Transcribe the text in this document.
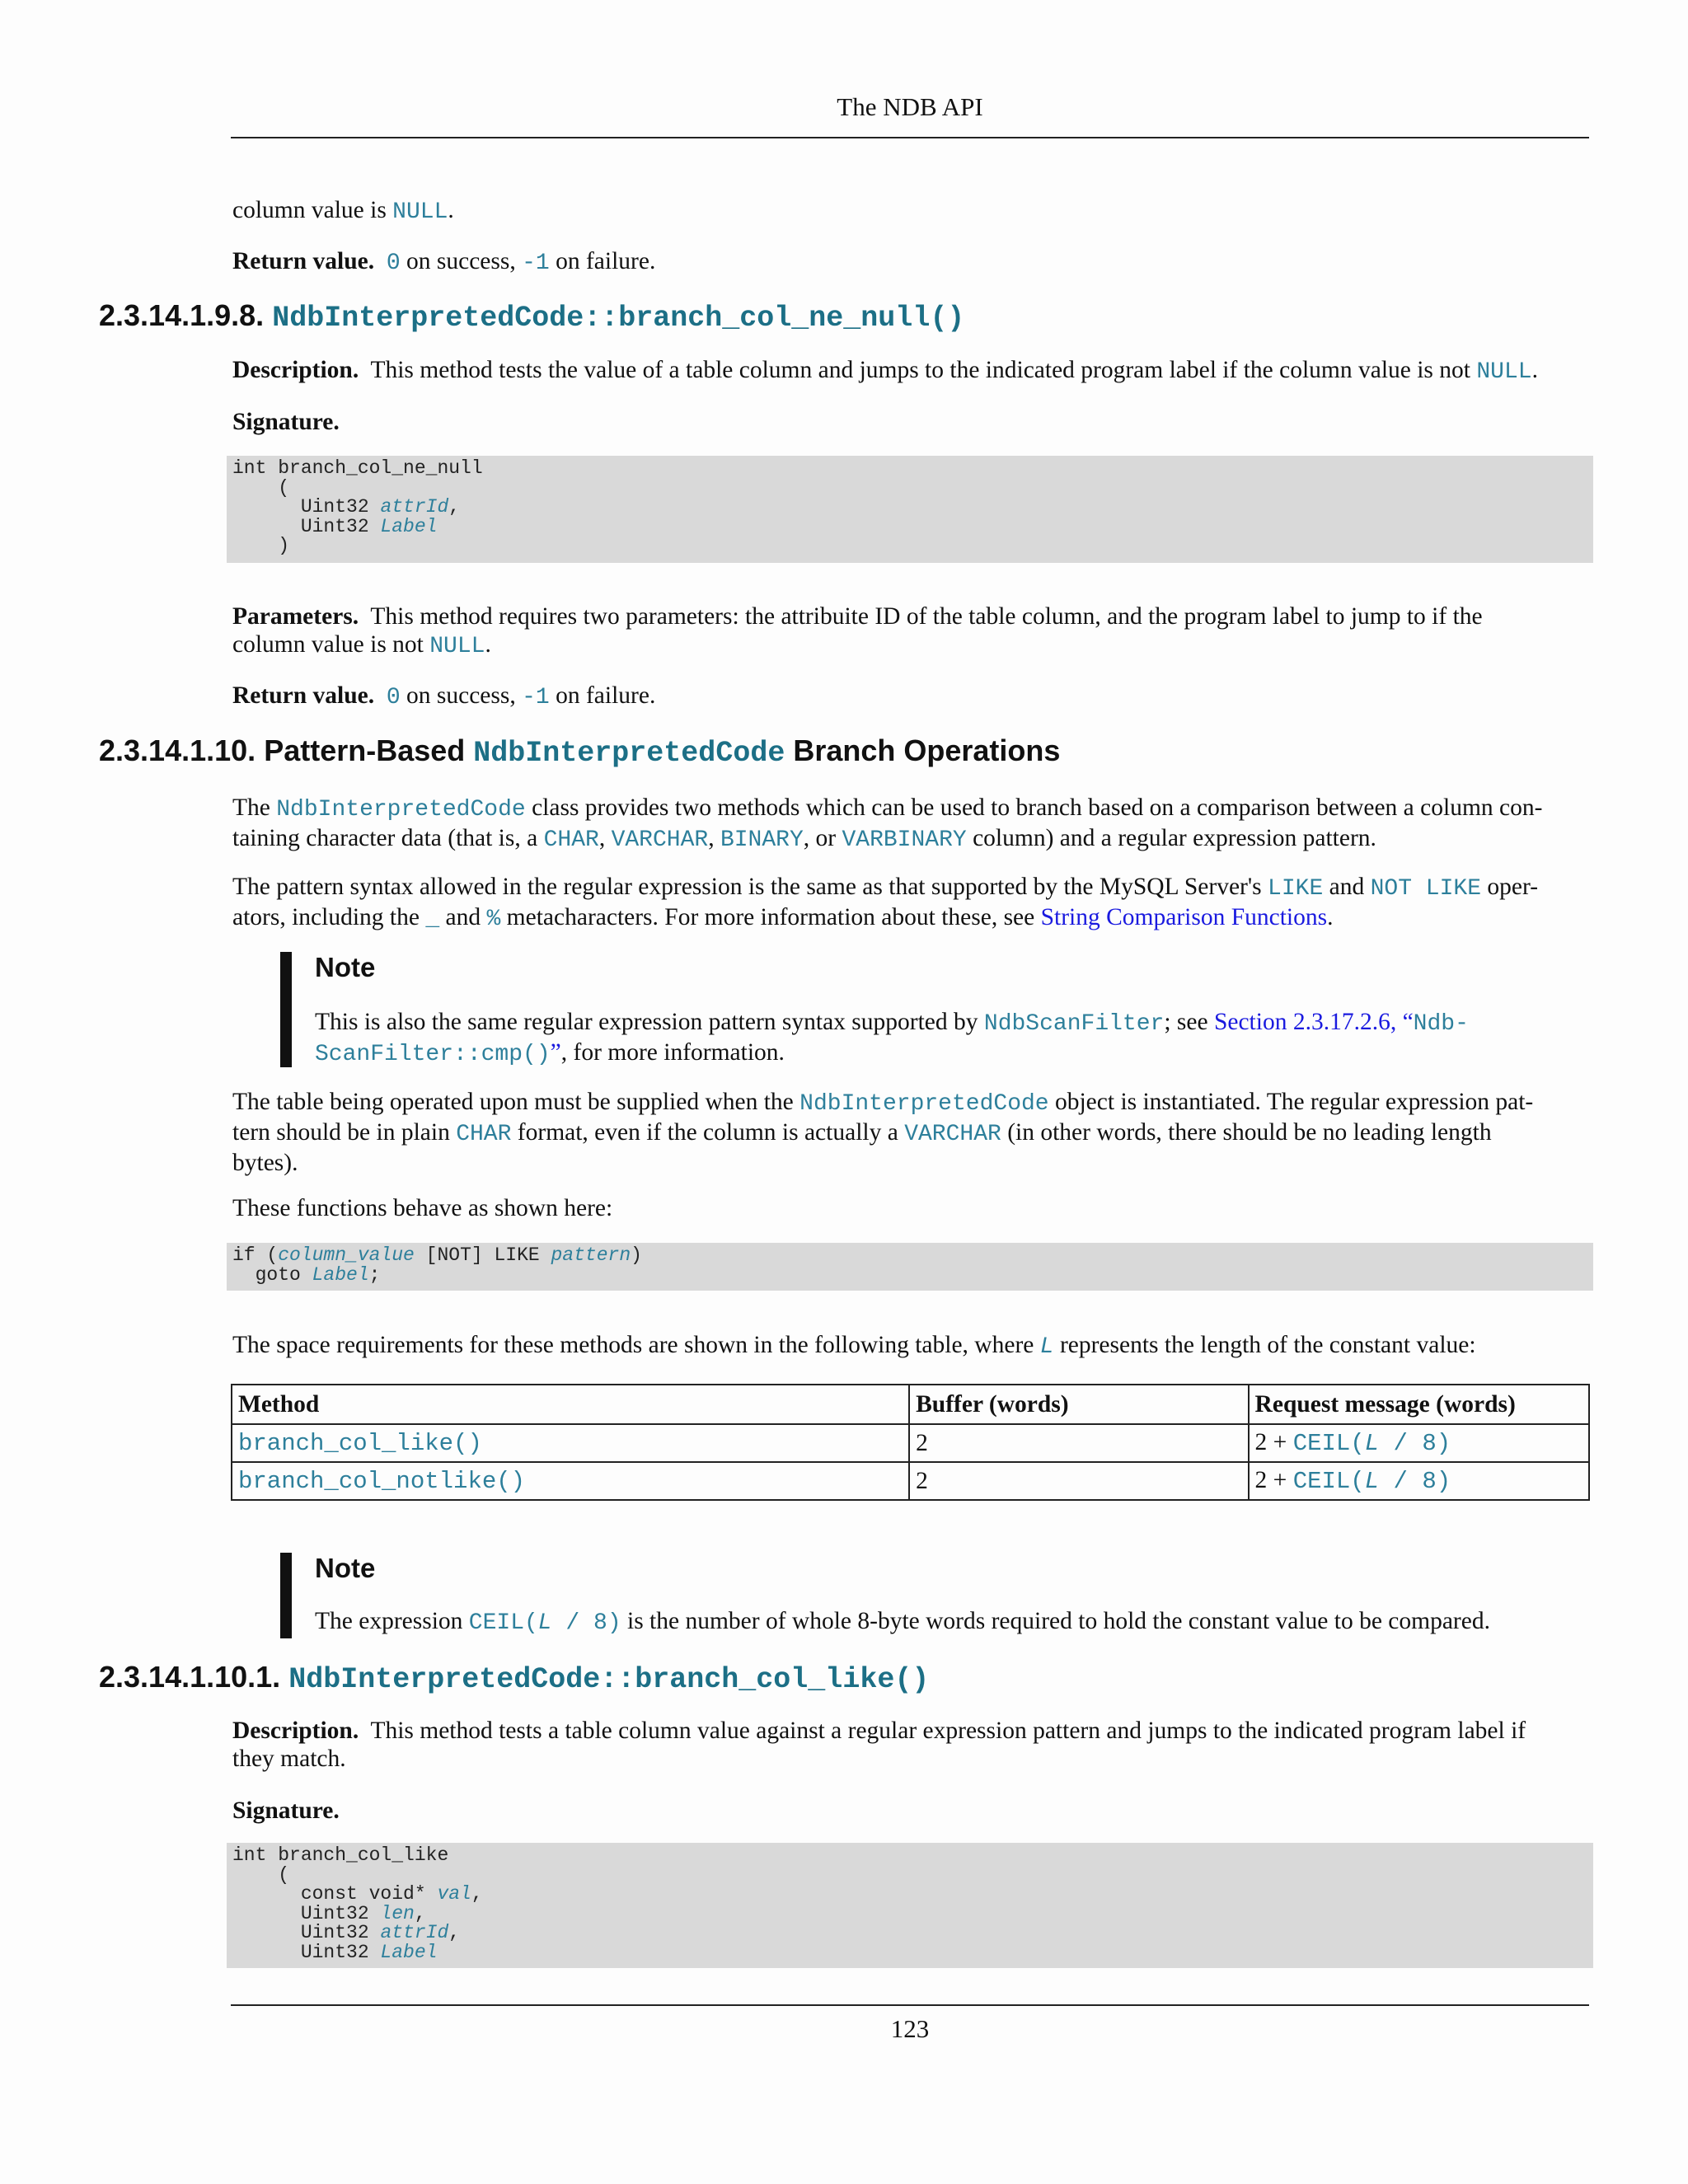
The NDB API
column value is NULL.
Return value. 0 on success, -1 on failure.
2.3.14.1.9.8. NdbInterpretedCode::branch_col_ne_null()
Description. This method tests the value of a table column and jumps to the indicated program label if the column value is not NULL.
Signature.
int branch_col_ne_null
(
Uint32 attrId,
Uint32 Label
)
Parameters. This method requires two parameters: the attribuite ID of the table column, and the program label to jump to if the
column value is not NULL.
Return value. 0 on success, -1 on failure.
2.3.14.1.10. Pattern-Based NdbInterpretedCode Branch Operations
The NdbInterpretedCode class provides two methods which can be used to branch based on a comparison between a column con-
taining character data (that is, a CHAR, VARCHAR, BINARY, or VARBINARY column) and a regular expression pattern.
The pattern syntax allowed in the regular expression is the same as that supported by the MySQL Server's LIKE and NOT LIKE oper-
ators, including the _ and % metacharacters. For more information about these, see String Comparison Functions.
Note
This is also the same regular expression pattern syntax supported by NdbScanFilter; see Section 2.3.17.2.6, “Ndb-
ScanFilter::cmp()”, for more information.
The table being operated upon must be supplied when the NdbInterpretedCode object is instantiated. The regular expression pat-
tern should be in plain CHAR format, even if the column is actually a VARCHAR (in other words, there should be no leading length
bytes).
These functions behave as shown here:
if (column_value [NOT] LIKE pattern)
goto Label;
The space requirements for these methods are shown in the following table, where L represents the length of the constant value:
Method	Buffer (words)	Request message (words)
branch_col_like()	2	2 + CEIL(L / 8)
branch_col_notlike()	2	2 + CEIL(L / 8)
Note
The expression CEIL(L / 8) is the number of whole 8-byte words required to hold the constant value to be compared.
2.3.14.1.10.1. NdbInterpretedCode::branch_col_like()
Description. This method tests a table column value against a regular expression pattern and jumps to the indicated program label if
they match.
Signature.
int branch_col_like
(
const void* val,
Uint32 len,
Uint32 attrId,
Uint32 Label
123
